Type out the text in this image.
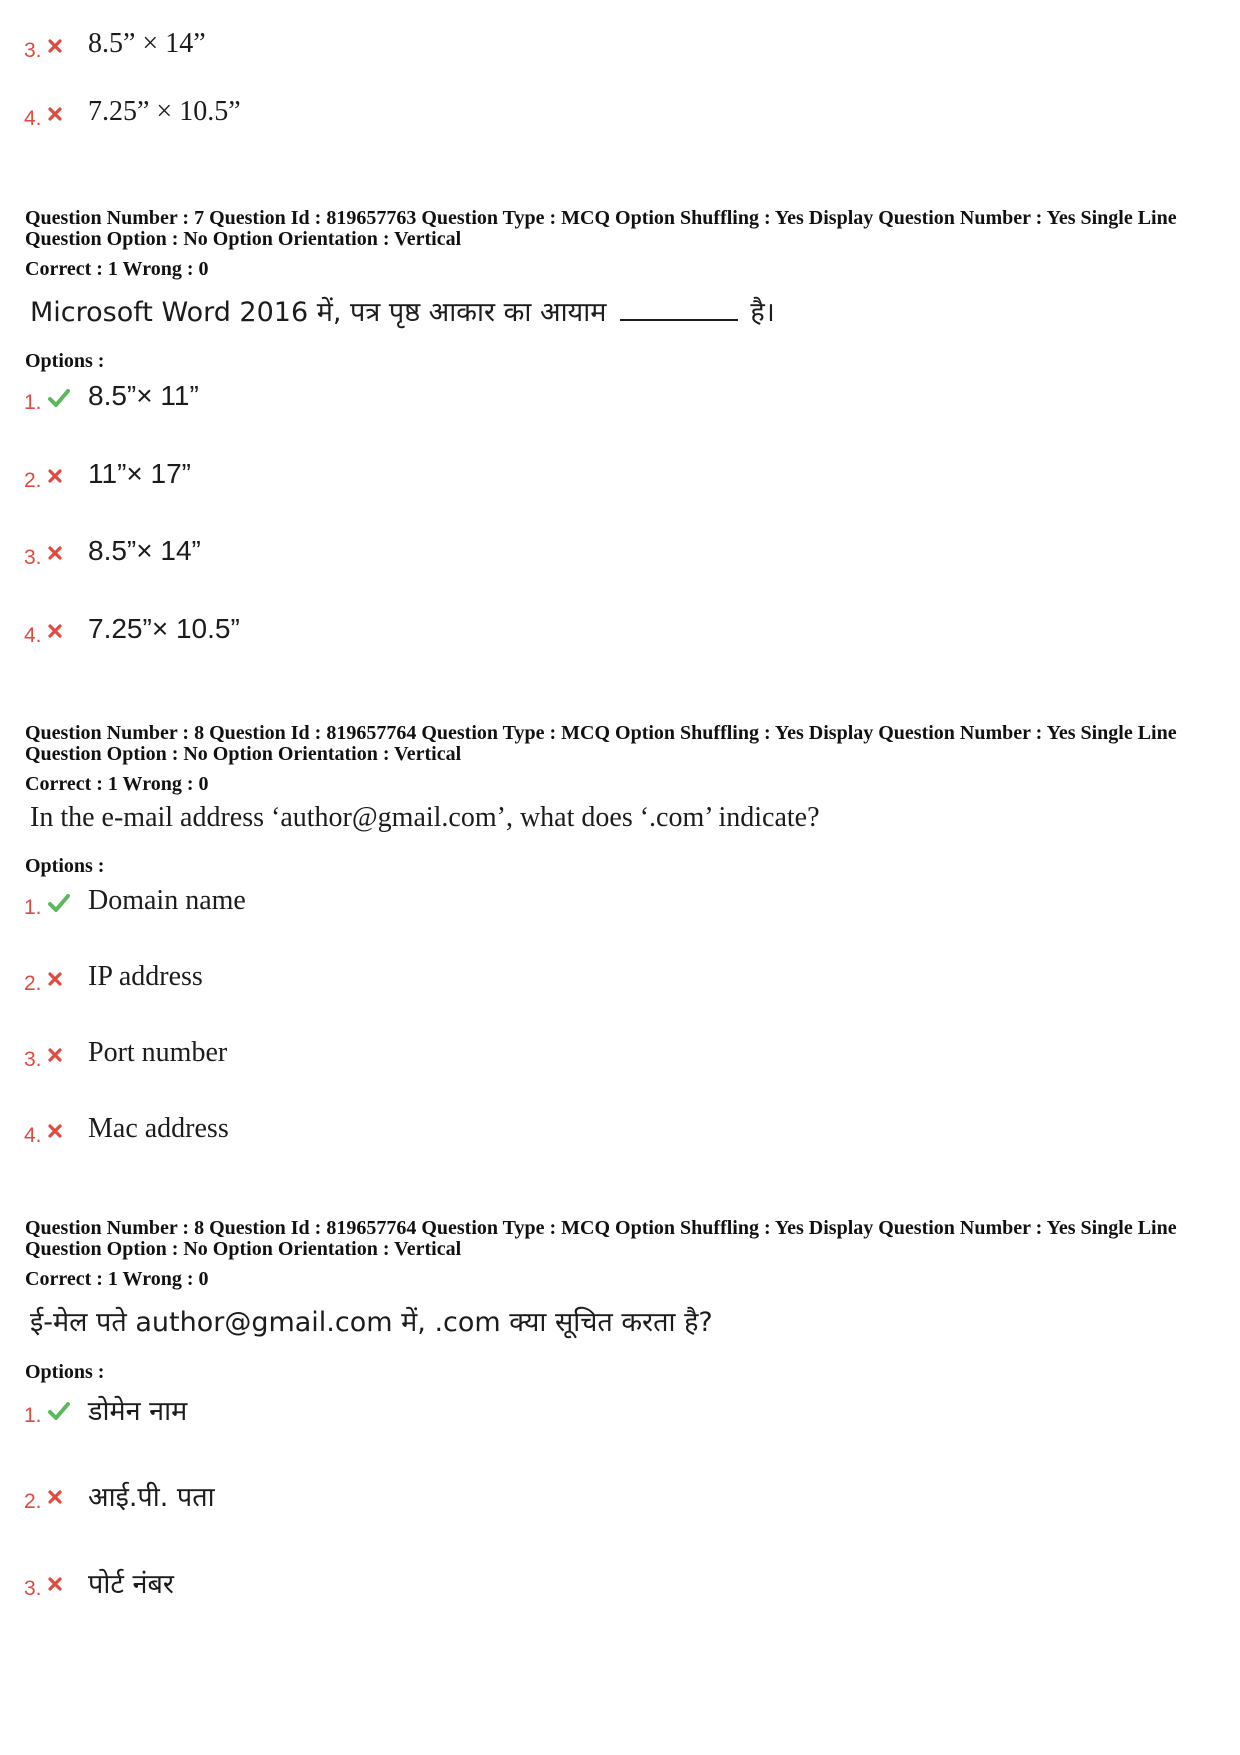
3. 8.5” × 14”
4. 7.25” × 10.5”
Question Number : 7 Question Id : 819657763 Question Type : MCQ Option Shuffling : Yes Display Question Number : Yes Single Line Question Option : No Option Orientation : Vertical
Correct : 1 Wrong : 0
Microsoft Word 2016 में, पत्र पृष्ठ आकार का आयाम	है।
Options :
1. 8.5”× 11”
2. 11”× 17”
3. 8.5”× 14”
4. 7.25”× 10.5”
Question Number : 8 Question Id : 819657764 Question Type : MCQ Option Shuffling : Yes Display Question Number : Yes Single Line Question Option : No Option Orientation : Vertical
Correct : 1 Wrong : 0
In the e-mail address ‘author@gmail.com’, what does ‘.com’ indicate?
Options :
1. Domain name
2. IP address
3. Port number
4. Mac address
Question Number : 8 Question Id : 819657764 Question Type : MCQ Option Shuffling : Yes Display Question Number : Yes Single Line Question Option : No Option Orientation : Vertical
Correct : 1 Wrong : 0
ई-मेल पते author@gmail.com में, .com क्या सूचित करता है?
Options :
1. डोमेन नाम
2. आई.पी. पता
3. पोर्ट नंबर
